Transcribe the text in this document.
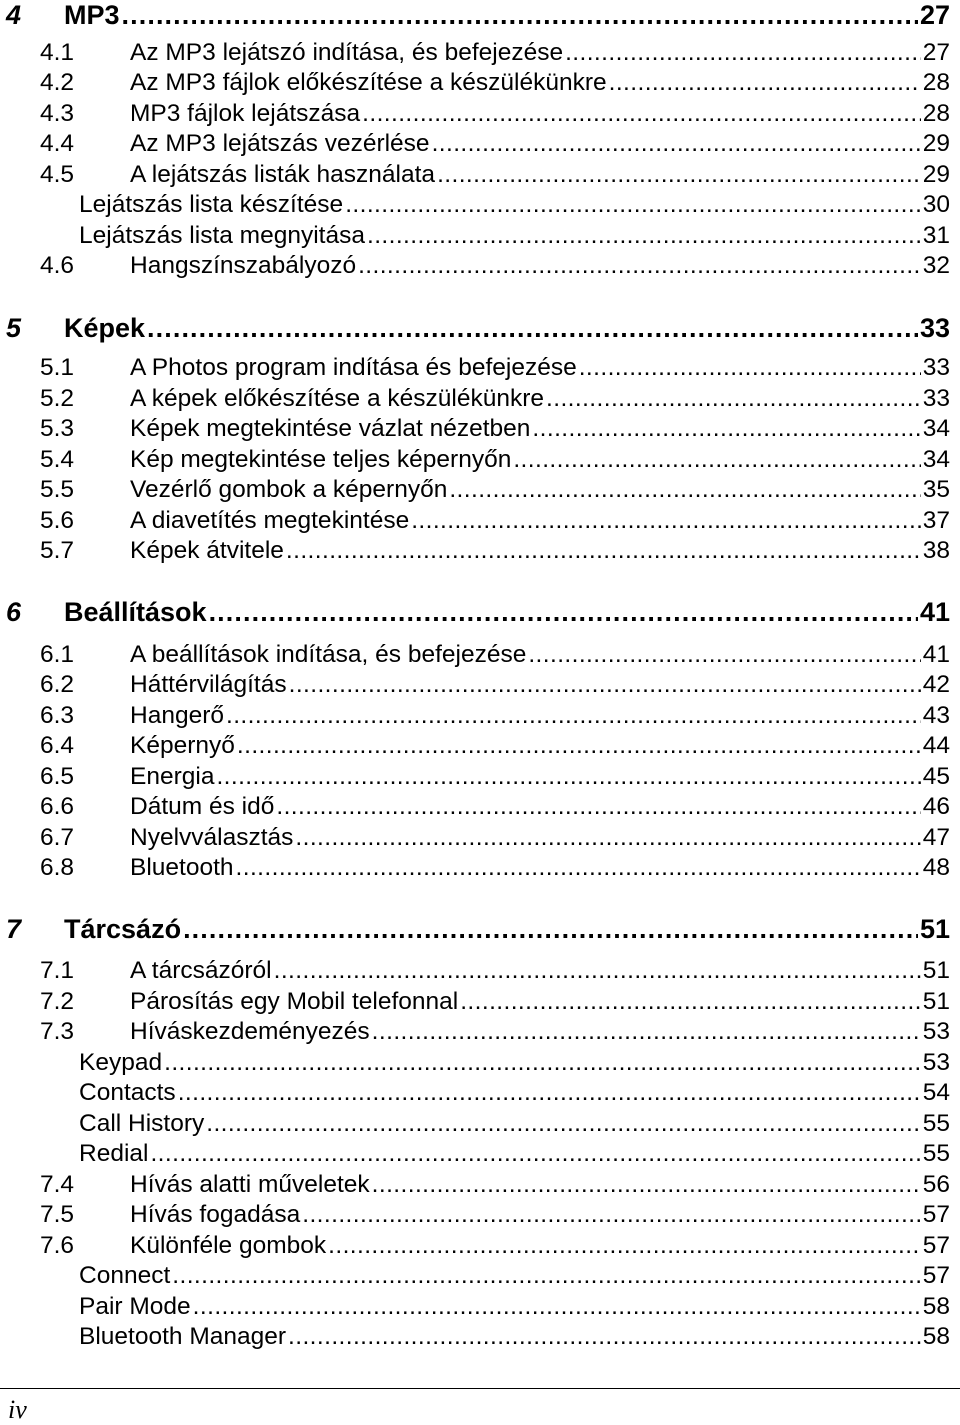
4	MP3 . . .	27
4.1	Az MP3 lejátszó indítása, és befejezése . . .	27
4.2	Az MP3 fájlok előkészítése a készülékünkre . . .	28
4.3	MP3 fájlok lejátszása . . .	28
4.4	Az MP3 lejátszás vezérlése . . .	29
4.5	A lejátszás listák használata . . .	29
Lejátszás lista készítése . . .	30
Lejátszás lista megnyitása . . .	31
4.6	Hangszínszabályozó . . .	32
5	Képek . . .	33
5.1	A Photos program indítása és befejezése . . .	33
5.2	A képek előkészítése a készülékünkre . . .	33
5.3	Képek megtekintése vázlat nézetben . . .	34
5.4	Kép megtekintése teljes képernyőn . . .	34
5.5	Vezérlő gombok a képernyőn . . .	35
5.6	A diavetítés megtekintése . . .	37
5.7	Képek átvitele . . .	38
6	Beállítások . . .	41
6.1	A beállítások indítása, és befejezése . . .	41
6.2	Háttérvilágítás . . .	42
6.3	Hangerő . . .	43
6.4	Képernyő . . .	44
6.5	Energia . . .	45
6.6	Dátum és idő . . .	46
6.7	Nyelvválasztás . . .	47
6.8	Bluetooth . . .	48
7	Tárcsázó . . .	51
7.1	A tárcsázóról . . .	51
7.2	Párosítás egy Mobil telefonnal . . .	51
7.3	Híváskezdeményezés . . .	53
Keypad . . .	53
Contacts . . .	54
Call History . . .	55
Redial . . .	55
7.4	Hívás alatti műveletek . . .	56
7.5	Hívás fogadása . . .	57
7.6	Különféle gombok . . .	57
Connect . . .	57
Pair Mode . . .	58
Bluetooth Manager . . .	58
iv
